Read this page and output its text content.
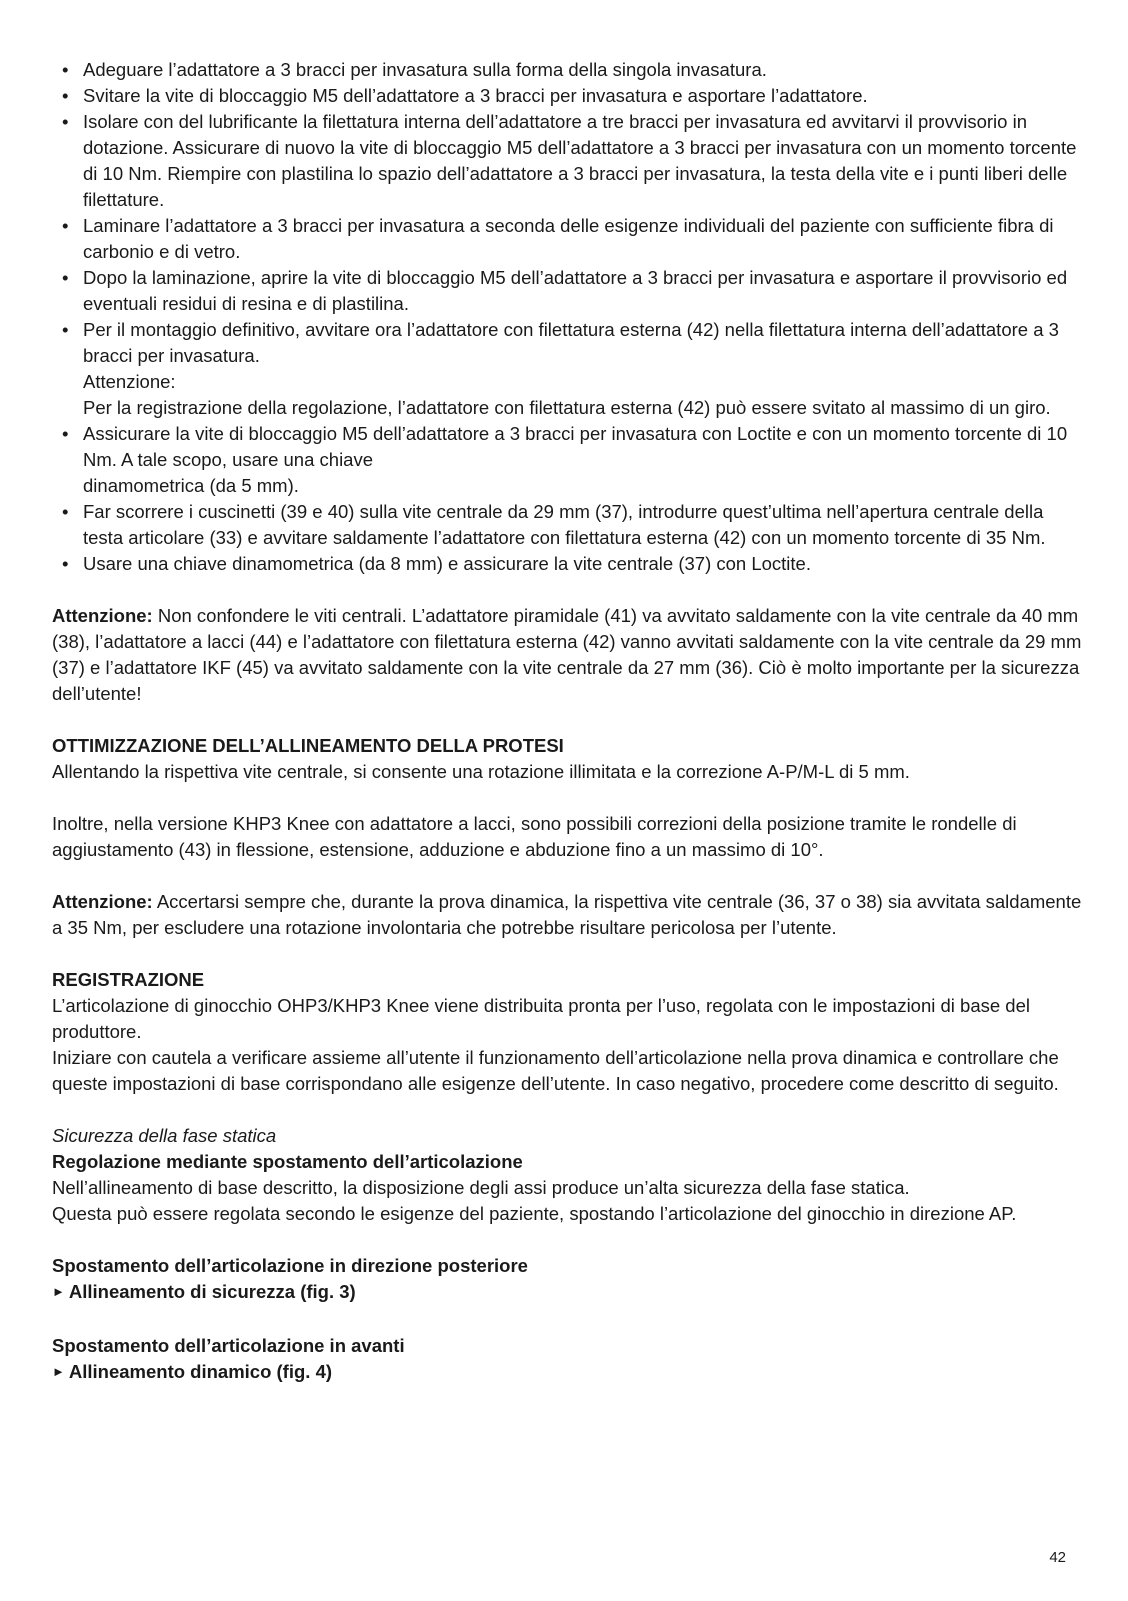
• Adeguare l’adattatore a 3 bracci per invasatura sulla forma della singola invasatura.
• Svitare la vite di bloccaggio M5 dell’adattatore a 3 bracci per invasatura e asportare l’adattatore.
• Isolare con del lubrificante la filettatura interna dell’adattatore a tre bracci per invasatura ed avvitarvi il provvisorio in dotazione. Assicurare di nuovo la vite di bloccaggio M5 dell’adattatore a 3 bracci per invasatura con un momento torcente di 10 Nm. Riempire con plastilina lo spazio dell’adattatore a 3 bracci per invasatura, la testa della vite e i punti liberi delle filettature.
• Laminare l’adattatore a 3 bracci per invasatura a seconda delle esigenze individuali del paziente con sufficiente fibra di carbonio e di vetro.
• Dopo la laminazione, aprire la vite di bloccaggio M5 dell’adattatore a 3 bracci per invasatura e asportare il provvisorio ed eventuali residui di resina e di plastilina.
• Per il montaggio definitivo, avvitare ora l’adattatore con filettatura esterna (42) nella filettatura interna dell’adattatore a 3 bracci per invasatura.
Attenzione:
Per la registrazione della regolazione, l’adattatore con filettatura esterna (42) può essere svitato al massimo di un giro.
• Assicurare la vite di bloccaggio M5 dell’adattatore a 3 bracci per invasatura con Loctite e con un momento torcente di 10 Nm. A tale scopo, usare una chiave
dinamometrica (da 5 mm).
• Far scorrere i cuscinetti (39 e 40) sulla vite centrale da 29 mm (37), introdurre quest’ultima nell’apertura centrale della testa articolare (33) e avvitare saldamente l’adattatore con filettatura esterna (42) con un momento torcente di 35 Nm.
• Usare una chiave dinamometrica (da 8 mm) e assicurare la vite centrale (37) con Loctite.

Attenzione: Non confondere le viti centrali. L’adattatore piramidale (41) va avvitato saldamente con la vite centrale da 40 mm (38), l’adattatore a lacci (44) e l’adattatore con filettatura esterna (42) vanno avvitati saldamente con la vite centrale da 29 mm (37) e l’adattatore IKF (45) va avvitato saldamente con la vite centrale da 27 mm (36). Ciò è molto importante per la sicurezza dell’utente!

OTTIMIZZAZIONE DELL’ALLINEAMENTO DELLA PROTESI

Allentando la rispettiva vite centrale, si consente una rotazione illimitata e la correzione A-P/M-L di 5 mm.

Inoltre, nella versione KHP3 Knee con adattatore a lacci, sono possibili correzioni della posizione tramite le rondelle di aggiustamento (43) in flessione, estensione, adduzione e abduzione fino a un massimo di 10°.

Attenzione: Accertarsi sempre che, durante la prova dinamica, la rispettiva vite centrale (36, 37 o 38) sia avvitata saldamente a 35 Nm, per escludere una rotazione involontaria che potrebbe risultare pericolosa per l’utente.

REGISTRAZIONE

L’articolazione di ginocchio OHP3/KHP3 Knee viene distribuita pronta per l’uso, regolata con le impostazioni di base del produttore.

Iniziare con cautela a verificare assieme all’utente il funzionamento dell’articolazione nella prova dinamica e controllare che queste impostazioni di base corrispondano alle esigenze dell’utente. In caso negativo, procedere come descritto di seguito.

Sicurezza della fase statica

Regolazione mediante spostamento dell’articolazione

Nell’allineamento di base descritto, la disposizione degli assi produce un’alta sicurezza della fase statica.

Questa può essere regolata secondo le esigenze del paziente, spostando l’articolazione del ginocchio in direzione AP.

Spostamento dell’articolazione in direzione posteriore

► Allineamento di sicurezza (fig. 3)

Spostamento dell’articolazione in avanti

► Allineamento dinamico (fig. 4)

42
